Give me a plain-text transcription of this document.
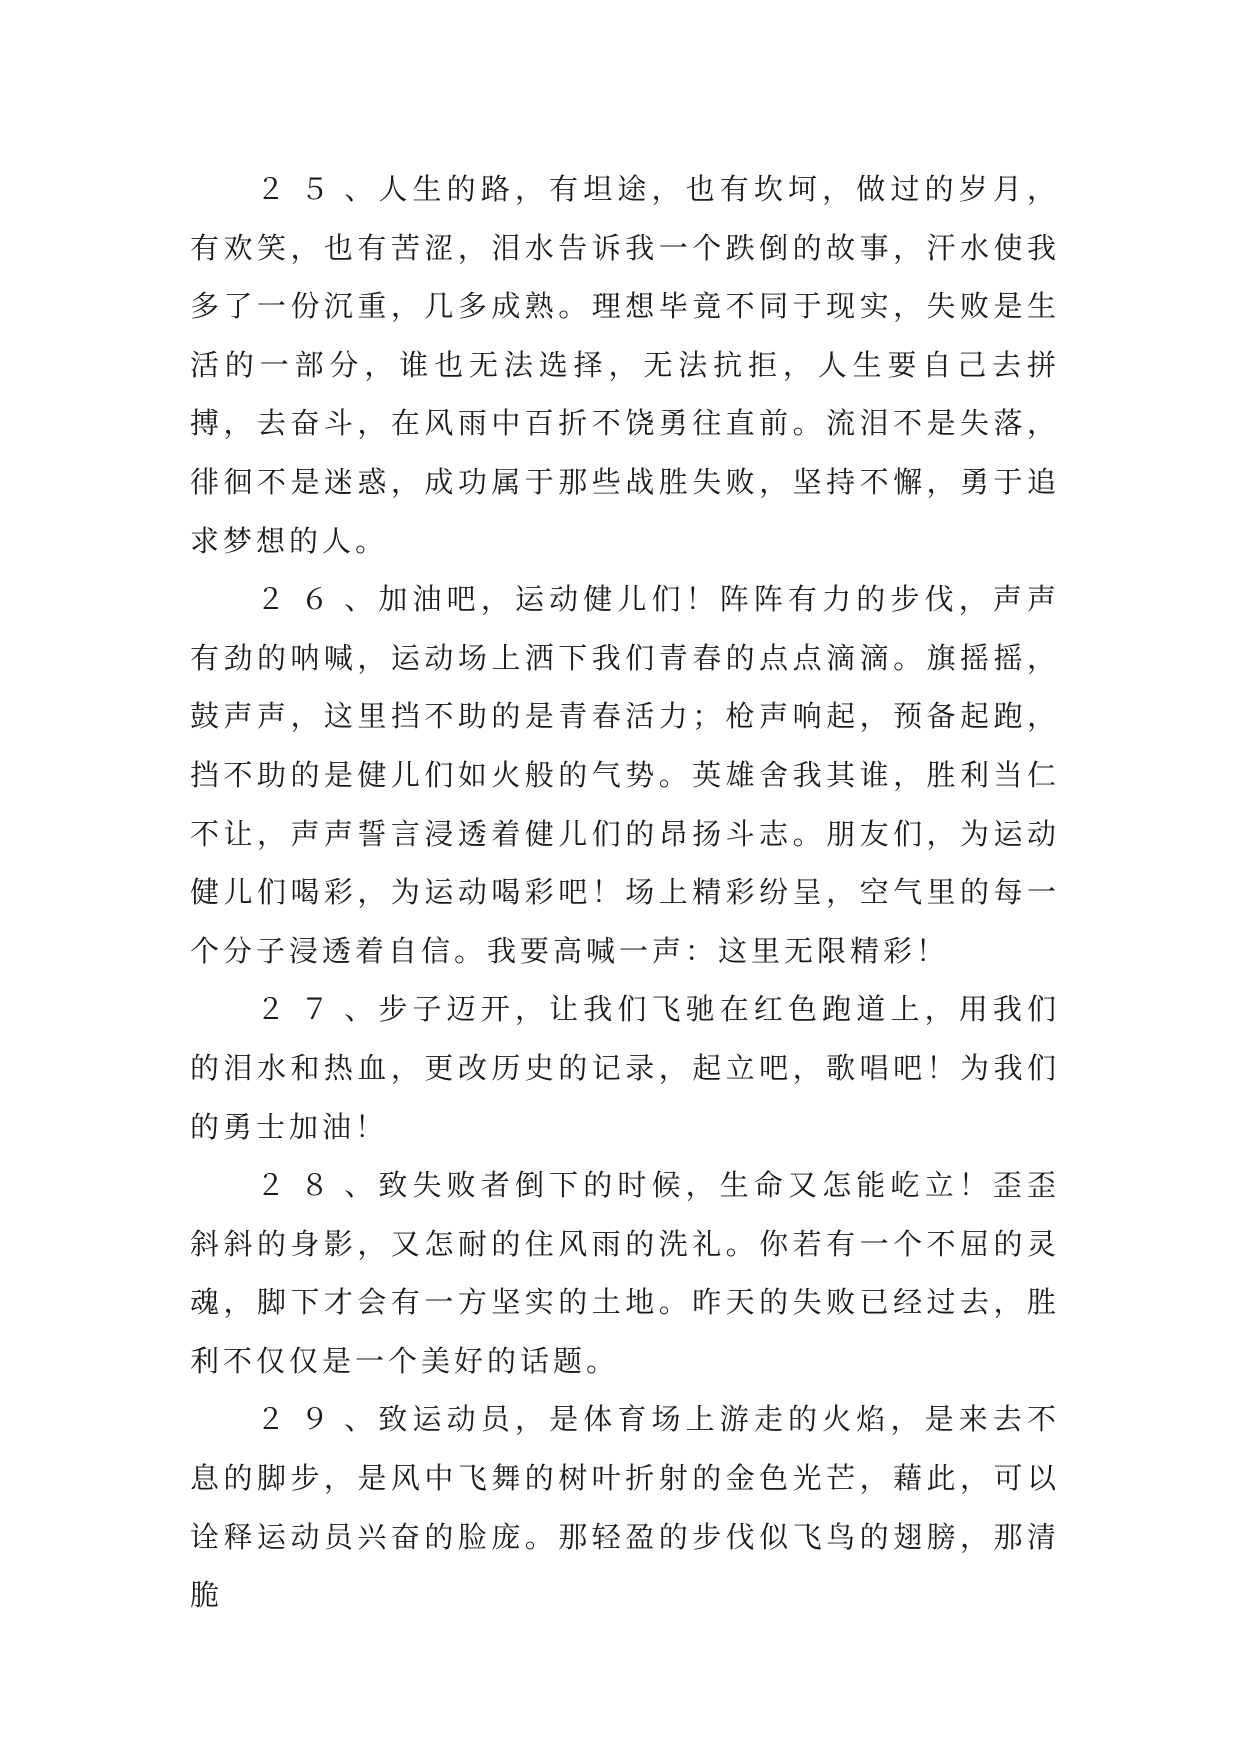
２５、人生的路，有坦途，也有坎坷，做过的岁月，有欢笑，也有苦涩，泪水告诉我一个跌倒的故事，汗水使我多了一份沉重，几多成熟。理想毕竟不同于现实，失败是生活的一部分，谁也无法选择，无法抗拒，人生要自己去拼搏，去奋斗，在风雨中百折不饶勇往直前。流泪不是失落，徘徊不是迷惑，成功属于那些战胜失败，坚持不懈，勇于追求梦想的人。

２６、加油吧，运动健儿们！阵阵有力的步伐，声声有劲的呐喊，运动场上洒下我们青春的点点滴滴。旗摇摇，鼓声声，这里挡不助的是青春活力；枪声响起，预备起跑，挡不助的是健儿们如火般的气势。英雄舍我其谁，胜利当仁不让，声声誓言浸透着健儿们的昂扬斗志。朋友们，为运动健儿们喝彩，为运动喝彩吧！场上精彩纷呈，空气里的每一个分子浸透着自信。我要高喊一声：这里无限精彩！

２７、步子迈开，让我们飞驰在红色跑道上，用我们的泪水和热血，更改历史的记录，起立吧，歌唱吧！为我们的勇士加油！

２８、致失败者倒下的时候，生命又怎能屹立！歪歪斜斜的身影，又怎耐的住风雨的洗礼。你若有一个不屈的灵魂，脚下才会有一方坚实的土地。昨天的失败已经过去，胜利不仅仅是一个美好的话题。

２９、致运动员，是体育场上游走的火焰，是来去不息的脚步，是风中飞舞的树叶折射的金色光芒，藉此，可以诠释运动员兴奋的脸庞。那轻盈的步伐似飞鸟的翅膀，那清脆
